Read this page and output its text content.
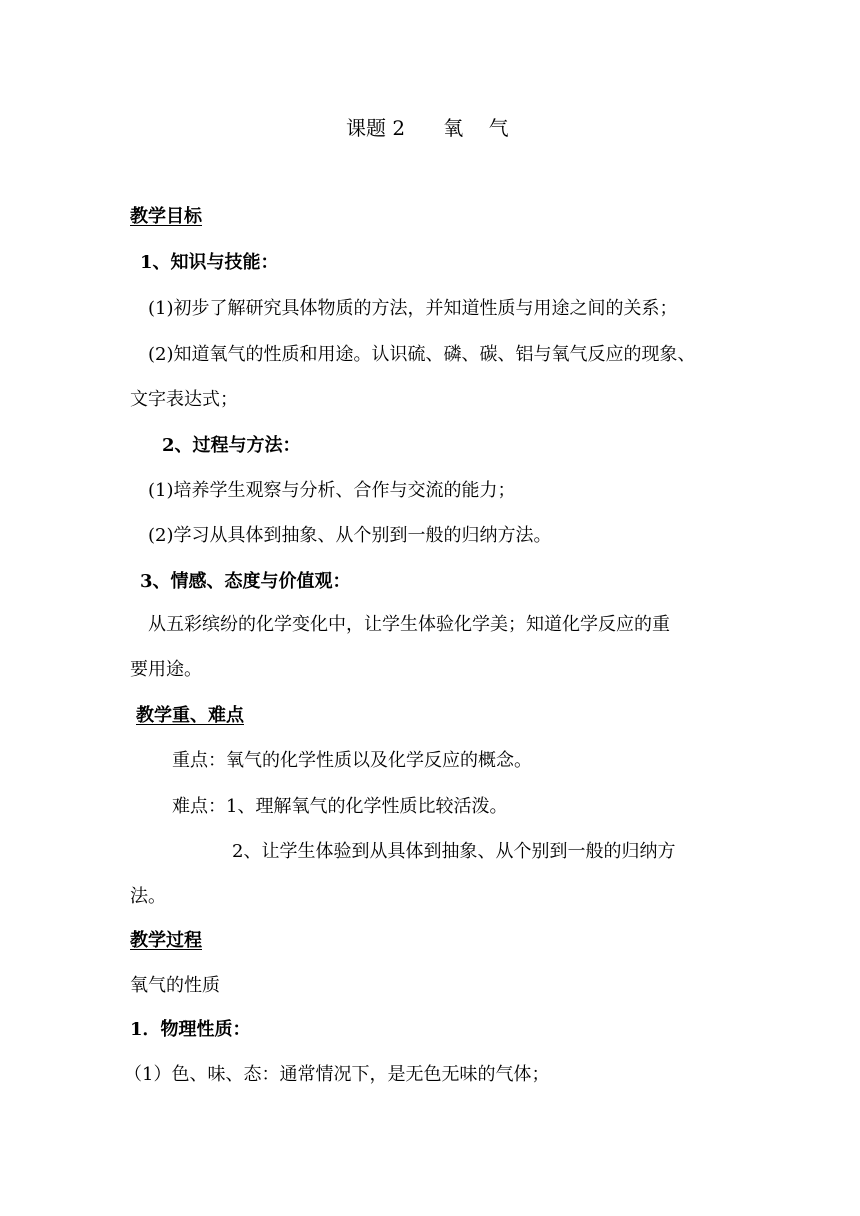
课题 2      氧    气
教学目标
1、知识与技能：
(1)初步了解研究具体物质的方法，并知道性质与用途之间的关系；
(2)知道氧气的性质和用途。认识硫、磷、碳、铝与氧气反应的现象、
文字表达式；
2、过程与方法：
(1)培养学生观察与分析、合作与交流的能力；
(2)学习从具体到抽象、从个别到一般的归纳方法。
3、情感、态度与价值观：
从五彩缤纷的化学变化中，让学生体验化学美；知道化学反应的重
要用途。
教学重、难点
重点：氧气的化学性质以及化学反应的概念。
难点：1、理解氧气的化学性质比较活泼。
2、让学生体验到从具体到抽象、从个别到一般的归纳方
法。
教学过程
氧气的性质
1．物理性质：
（1）色、味、态：通常情况下，是无色无味的气体；
